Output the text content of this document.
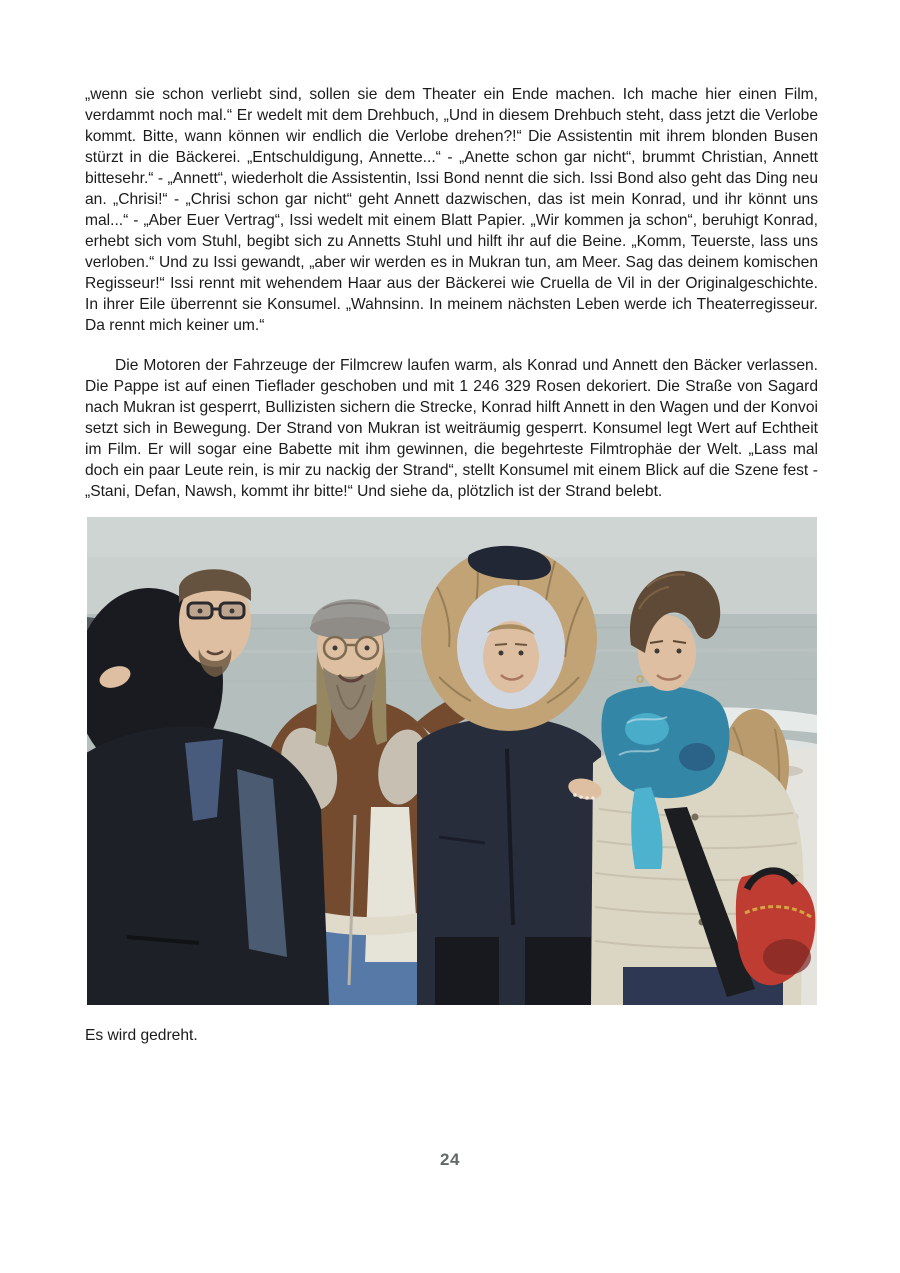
„wenn sie schon verliebt sind, sollen sie dem Theater ein Ende machen. Ich mache hier einen Film, verdammt noch mal.“ Er wedelt mit dem Drehbuch, „Und in diesem Drehbuch steht, dass jetzt die Verlobe kommt. Bitte, wann können wir endlich die Verlobe drehen?!“ Die Assistentin mit ihrem blonden Busen stürzt in die Bäckerei. „Entschuldigung, Annette...“ - „Anette schon gar nicht“, brummt Christian, Annett bittesehr.“ - „Annett“, wiederholt die Assistentin, Issi Bond nennt die sich. Issi Bond also geht das Ding neu an. „Chrisi!“ - „Chrisi schon gar nicht“ geht Annett dazwischen, das ist mein Konrad, und ihr könnt uns mal...“ - „Aber Euer Vertrag“, Issi wedelt mit einem Blatt Papier. „Wir kommen ja schon“, beruhigt Konrad, erhebt sich vom Stuhl, begibt sich zu Annetts Stuhl und hilft ihr auf die Beine. „Komm, Teuerste, lass uns verloben.“ Und zu Issi gewandt, „aber wir werden es in Mukran tun, am Meer. Sag das deinem komischen Regisseur!“ Issi rennt mit wehendem Haar aus der Bäckerei wie Cruella de Vil in der Originalgeschichte. In ihrer Eile überrennt sie Konsumel. „Wahnsinn. In meinem nächsten Leben werde ich Theaterregisseur. Da rennt mich keiner um.“

Die Motoren der Fahrzeuge der Filmcrew laufen warm, als Konrad und Annett den Bäcker verlassen. Die Pappe ist auf einen Tieflader geschoben und mit 1 246 329 Rosen dekoriert. Die Straße von Sagard nach Mukran ist gesperrt, Bullizisten sichern die Strecke, Konrad hilft Annett in den Wagen und der Konvoi setzt sich in Bewegung. Der Strand von Mukran ist weiträumig gesperrt. Konsumel legt Wert auf Echtheit im Film. Er will sogar eine Babette mit ihm gewinnen, die begehrteste Filmtrophäe der Welt. „Lass mal doch ein paar Leute rein, is mir zu nackig der Strand“, stellt Konsumel mit einem Blick auf die Szene fest - „Stani, Defan, Nawsh, kommt ihr bitte!“ Und siehe da, plötzlich ist der Strand belebt.

Es wird gedreht.

24
